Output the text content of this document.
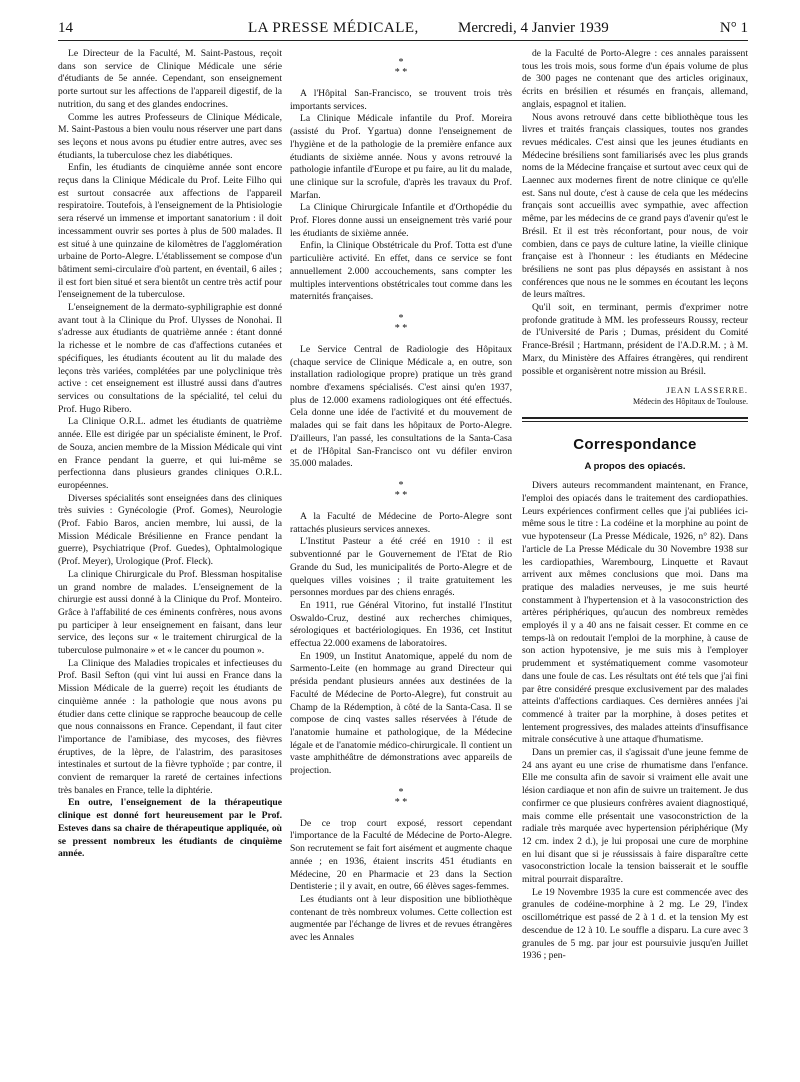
14	LA PRESSE MÉDICALE,	Mercredi, 4 Janvier 1939	N° 1

Le Directeur de la Faculté, M. Saint-Pastous, reçoit dans son service de Clinique Médicale une série d'étudiants de 5e année. Cependant, son enseignement porte surtout sur les affections de l'appareil digestif, de la nutrition, du sang et des glandes endocrines.

Comme les autres Professeurs de Clinique Médicale, M. Saint-Pastous a bien voulu nous réserver une part dans ses leçons et nous avons pu étudier entre autres, avec ses étudiants, la tuberculose chez les diabétiques.

Enfin, les étudiants de cinquième année sont encore reçus dans la Clinique Médicale du Prof. Leite Filho qui est surtout consacrée aux affections de l'appareil respiratoire. Toutefois, à l'enseignement de la Phtisiologie sera réservé un immense et important sanatorium : il doit incessamment ouvrir ses portes à plus de 500 malades. Il est situé à une quinzaine de kilomètres de l'agglomération urbaine de Porto-Alegre. L'établissement se compose d'un bâtiment semi-circulaire d'où partent, en éventail, 6 ailes ; il est fort bien situé et sera bientôt un centre très actif pour l'enseignement de la tuberculose.

L'enseignement de la dermato-syphiligraphie est donné avant tout à la Clinique du Prof. Ulysses de Nonohai. Il s'adresse aux étudiants de quatrième année : étant donné la richesse et le nombre de cas d'affections cutanées et spécifiques, les étudiants écoutent au lit du malade des leçons très variées, complétées par une polyclinique très active : cet enseignement est illustré aussi dans d'autres services ou consultations de la spécialité, tel celui du Prof. Hugo Ribero.

La Clinique O.R.L. admet les étudiants de quatrième année. Elle est dirigée par un spécialiste éminent, le Prof. de Souza, ancien membre de la Mission Médicale qui vint en France pendant la guerre, et qui lui-même se perfectionna dans plusieurs grandes cliniques O.R.L. européennes.

Diverses spécialités sont enseignées dans des cliniques très suivies : Gynécologie (Prof. Gomes), Neurologie (Prof. Fabio Baros, ancien membre, lui aussi, de la Mission Médicale Brésilienne en France pendant la guerre), Psychiatrique (Prof. Guedes), Ophtalmologique (Prof. Meyer), Urologique (Prof. Fleck).

La clinique Chirurgicale du Prof. Blessman hospitalise un grand nombre de malades. L'enseignement de la chirurgie est aussi donné à la Clinique du Prof. Monteiro. Grâce à l'affabilité de ces éminents confrères, nous avons pu participer à leur enseignement en faisant, dans leur service, des leçons sur « le traitement chirurgical de la tuberculose pulmonaire » et « le cancer du poumon ».

La Clinique des Maladies tropicales et infectieuses du Prof. Basil Sefton (qui vint lui aussi en France dans la Mission Médicale de la guerre) reçoit les étudiants de cinquième année : la pathologie que nous avons pu étudier dans cette clinique se rapproche beaucoup de celle que nous connaissons en France. Cependant, il faut citer l'importance de l'amibiase, des mycoses, des fièvres éruptives, de la lèpre, de l'alastrim, des parasitoses intestinales et surtout de la fièvre typhoïde ; par contre, il convient de remarquer la rareté de certaines infections très banales en France, telle la diphtérie.

En outre, l'enseignement de la thérapeutique clinique est donné fort heureusement par le Prof. Esteves dans sa chaire de thérapeutique appliquée, où se pressent nombreux les étudiants de cinquième année.

*
* *

A l'Hôpital San-Francisco, se trouvent trois très importants services.

La Clinique Médicale infantile du Prof. Moreira (assisté du Prof. Ygartua) donne l'enseignement de l'hygiène et de la pathologie de la première enfance aux étudiants de sixième année. Nous y avons retrouvé la pathologie infantile d'Europe et pu faire, au lit du malade, une clinique sur la scrofule, d'après les travaux du Prof. Marfan.

La Clinique Chirurgicale Infantile et d'Orthopédie du Prof. Flores donne aussi un enseignement très varié pour les étudiants de sixième année.

Enfin, la Clinique Obstétricale du Prof. Totta est d'une particulière activité. En effet, dans ce service se font annuellement 2.000 accouchements, sans compter les multiples interventions obstétricales tout comme dans les maternités françaises.

*
* *

Le Service Central de Radiologie des Hôpitaux (chaque service de Clinique Médicale a, en outre, son installation radiologique propre) pratique un très grand nombre d'examens spécialisés. C'est ainsi qu'en 1937, plus de 12.000 examens radiologiques ont été effectués. Cela donne une idée de l'activité et du mouvement de malades qui se fait dans les hôpitaux de Porto-Alegre. D'ailleurs, l'an passé, les consultations de la Santa-Casa et de l'Hôpital San-Francisco ont vu défiler environ 35.000 malades.

*
* *

A la Faculté de Médecine de Porto-Alegre sont rattachés plusieurs services annexes.

L'Institut Pasteur a été créé en 1910 : il est subventionné par le Gouvernement de l'Etat de Rio Grande du Sud, les municipalités de Porto-Alegre et de quelques villes voisines ; il traite gratuitement les personnes mordues par des chiens enragés.

En 1911, rue Général Vitorino, fut installé l'Institut Oswaldo-Cruz, destiné aux recherches chimiques, sérologiques et bactériologiques. En 1936, cet Institut effectua 22.000 examens de laboratoires.

En 1909, un Institut Anatomique, appelé du nom de Sarmento-Leite (en hommage au grand Directeur qui présida pendant plusieurs années aux destinées de la Faculté de Médecine de Porto-Alegre), fut construit au Champ de la Rédemption, à côté de la Santa-Casa. Il se compose de cinq vastes salles réservées à l'étude de l'anatomie humaine et pathologique, de la Médecine légale et de l'anatomie médico-chirurgicale. Il contient un vaste amphithéâtre de démonstrations avec appareils de projection.

*
* *

De ce trop court exposé, ressort cependant l'importance de la Faculté de Médecine de Porto-Alegre. Son recrutement se fait fort aisément et augmente chaque année ; en 1936, étaient inscrits 451 étudiants en Médecine, 20 en Pharmacie et 23 dans la Section Dentisterie ; il y avait, en outre, 66 élèves sages-femmes.

Les étudiants ont à leur disposition une bibliothèque contenant de très nombreux volumes. Cette collection est augmentée par l'échange de livres et de revues étrangères avec les Annales

de la Faculté de Porto-Alegre : ces annales paraissent tous les trois mois, sous forme d'un épais volume de plus de 300 pages ne contenant que des articles originaux, écrits en brésilien et résumés en français, allemand, anglais, espagnol et italien.

Nous avons retrouvé dans cette bibliothèque tous les livres et traités français classiques, toutes nos grandes revues médicales. C'est ainsi que les jeunes étudiants en Médecine brésiliens sont familiarisés avec les plus grands noms de la Médecine française et surtout avec ceux qui de Laennec aux modernes firent de notre clinique ce qu'elle est. Sans nul doute, c'est à cause de cela que les médecins français sont accueillis avec sympathie, avec affection même, par les médecins de ce grand pays d'avenir qu'est le Brésil. Et il est très réconfortant, pour nous, de voir combien, dans ce pays de culture latine, la vieille clinique française est à l'honneur : les étudiants en Médecine brésiliens ne sont pas plus dépaysés en assistant à nos conférences que nous ne le sommes en écoutant les leçons de leurs maîtres.

Qu'il soit, en terminant, permis d'exprimer notre profonde gratitude à MM. les professeurs Roussy, recteur de l'Université de Paris ; Dumas, président du Comité France-Brésil ; Hartmann, président de l'A.D.R.M. ; à M. Marx, du Ministère des Affaires étrangères, qui rendirent possible et organisèrent notre mission au Brésil.

JEAN LASSERRE.
Médecin des Hôpitaux de Toulouse.
Correspondance
A propos des opiacés.

Divers auteurs recommandent maintenant, en France, l'emploi des opiacés dans le traitement des cardiopathies. Leurs expériences confirment celles que j'ai publiées ici-même sous le titre : La codéine et la morphine au point de vue hypotenseur (La Presse Médicale, 1926, n° 82). Dans l'article de La Presse Médicale du 30 Novembre 1938 sur les cardiopathies, Warembourg, Linquette et Ravaut arrivent aux mêmes conclusions que moi. Dans ma pratique des maladies nerveuses, je me suis heurté constamment à l'hypertension et à la vasoconstriction des artères périphériques, qu'aucun des nombreux remèdes employés il y a 40 ans ne faisait cesser. Et comme en ce temps-là on redoutait l'emploi de la morphine, à cause de son action hypotensive, je me suis mis à l'employer prudemment et systématiquement comme vasomoteur dans une foule de cas. Les résultats ont été tels que j'ai fini par être considéré presque exclusivement par des malades atteints d'affections cardiaques. Ces dernières années j'ai commencé à traiter par la morphine, à doses petites et lentement progressives, des malades atteints d'insuffisance mitrale consécutive à une attaque d'humatisme.

Dans un premier cas, il s'agissait d'une jeune femme de 24 ans ayant eu une crise de rhumatisme dans l'enfance. Elle me consulta afin de savoir si vraiment elle avait une lésion cardiaque et non afin de suivre un traitement. Je dus confirmer ce que plusieurs confrères avaient diagnostiqué, mais comme elle présentait une vasoconstriction de la radiale très marquée avec hypertension périphérique (My 12 cm. index 2 d.), je lui proposai une cure de morphine en lui disant que si je réussissais à faire disparaître cette vasoconstriction locale la tension baisserait et le souffle mitral pourrait disparaître.

Le 19 Novembre 1935 la cure est commencée avec des granules de codéine-morphine à 2 mg. Le 29, l'index oscillométrique est passé de 2 à 1 d. et la tension My est descendue de 12 à 10. Le souffle a disparu. La cure avec 3 granules de 5 mg. par jour est poursuivie jusqu'en Juillet 1936 ; pen-
